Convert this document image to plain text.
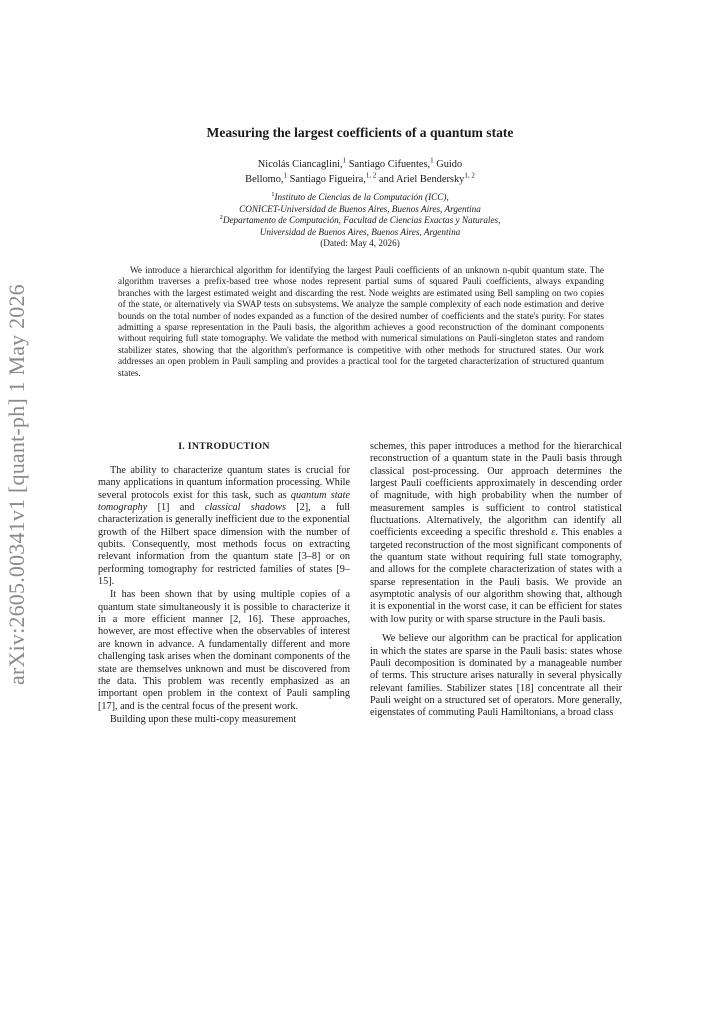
arXiv:2605.00341v1 [quant-ph] 1 May 2026
Measuring the largest coefficients of a quantum state
Nicolás Ciancaglini,$^1$ Santiago Cifuentes,$^1$ Guido
Bellomo,$^1$ Santiago Figueira,$^{1, 2}$ and Ariel Bendersky$^{1, 2}$
$^1$Instituto de Ciencias de la Computación (ICC),
CONICET-Universidad de Buenos Aires, Buenos Aires, Argentina
$^2$Departamento de Computación, Facultad de Ciencias Exactas y Naturales,
Universidad de Buenos Aires, Buenos Aires, Argentina
(Dated: May 4, 2026)
We introduce a hierarchical algorithm for identifying the largest Pauli coefficients of an unknown n-qubit quantum state. The algorithm traverses a prefix-based tree whose nodes represent partial sums of squared Pauli coefficients, always expanding branches with the largest estimated weight and discarding the rest. Node weights are estimated using Bell sampling on two copies of the state, or alternatively via SWAP tests on subsystems. We analyze the sample complexity of each node estimation and derive bounds on the total number of nodes expanded as a function of the desired number of coefficients and the state's purity. For states admitting a sparse representation in the Pauli basis, the algorithm achieves a good reconstruction of the dominant components without requiring full state tomography. We validate the method with numerical simulations on Pauli-singleton states and random stabilizer states, showing that the algorithm's performance is competitive with other methods for structured states. Our work addresses an open problem in Pauli sampling and provides a practical tool for the targeted characterization of structured quantum states.
I. INTRODUCTION

The ability to characterize quantum states is crucial for many applications in quantum information processing. While several protocols exist for this task, such as quantum state tomography [1] and classical shadows [2], a full characterization is generally inefficient due to the exponential growth of the Hilbert space dimension with the number of qubits. Consequently, most methods focus on extracting relevant information from the quantum state [3–8] or on performing tomography for restricted families of states [9–15].

It has been shown that by using multiple copies of a quantum state simultaneously it is possible to characterize it in a more efficient manner [2, 16]. These approaches, however, are most effective when the observables of interest are known in advance. A fundamentally different and more challenging task arises when the dominant components of the state are themselves unknown and must be discovered from the data. This problem was recently emphasized as an important open problem in the context of Pauli sampling [17], and is the central focus of the present work.

Building upon these multi-copy measurement

schemes, this paper introduces a method for the hierarchical reconstruction of a quantum state in the Pauli basis through classical post-processing. Our approach determines the largest Pauli coefficients approximately in descending order of magnitude, with high probability when the number of measurement samples is sufficient to control statistical fluctuations. Alternatively, the algorithm can identify all coefficients exceeding a specific threshold ε. This enables a targeted reconstruction of the most significant components of the quantum state without requiring full state tomography, and allows for the complete characterization of states with a sparse representation in the Pauli basis. We provide an asymptotic analysis of our algorithm showing that, although it is exponential in the worst case, it can be efficient for states with low purity or with sparse structure in the Pauli basis.

We believe our algorithm can be practical for application in which the states are sparse in the Pauli basis: states whose Pauli decomposition is dominated by a manageable number of terms. This structure arises naturally in several physically relevant families. Stabilizer states [18] concentrate all their Pauli weight on a structured set of operators. More generally, eigenstates of commuting Pauli Hamiltonians, a broad class
